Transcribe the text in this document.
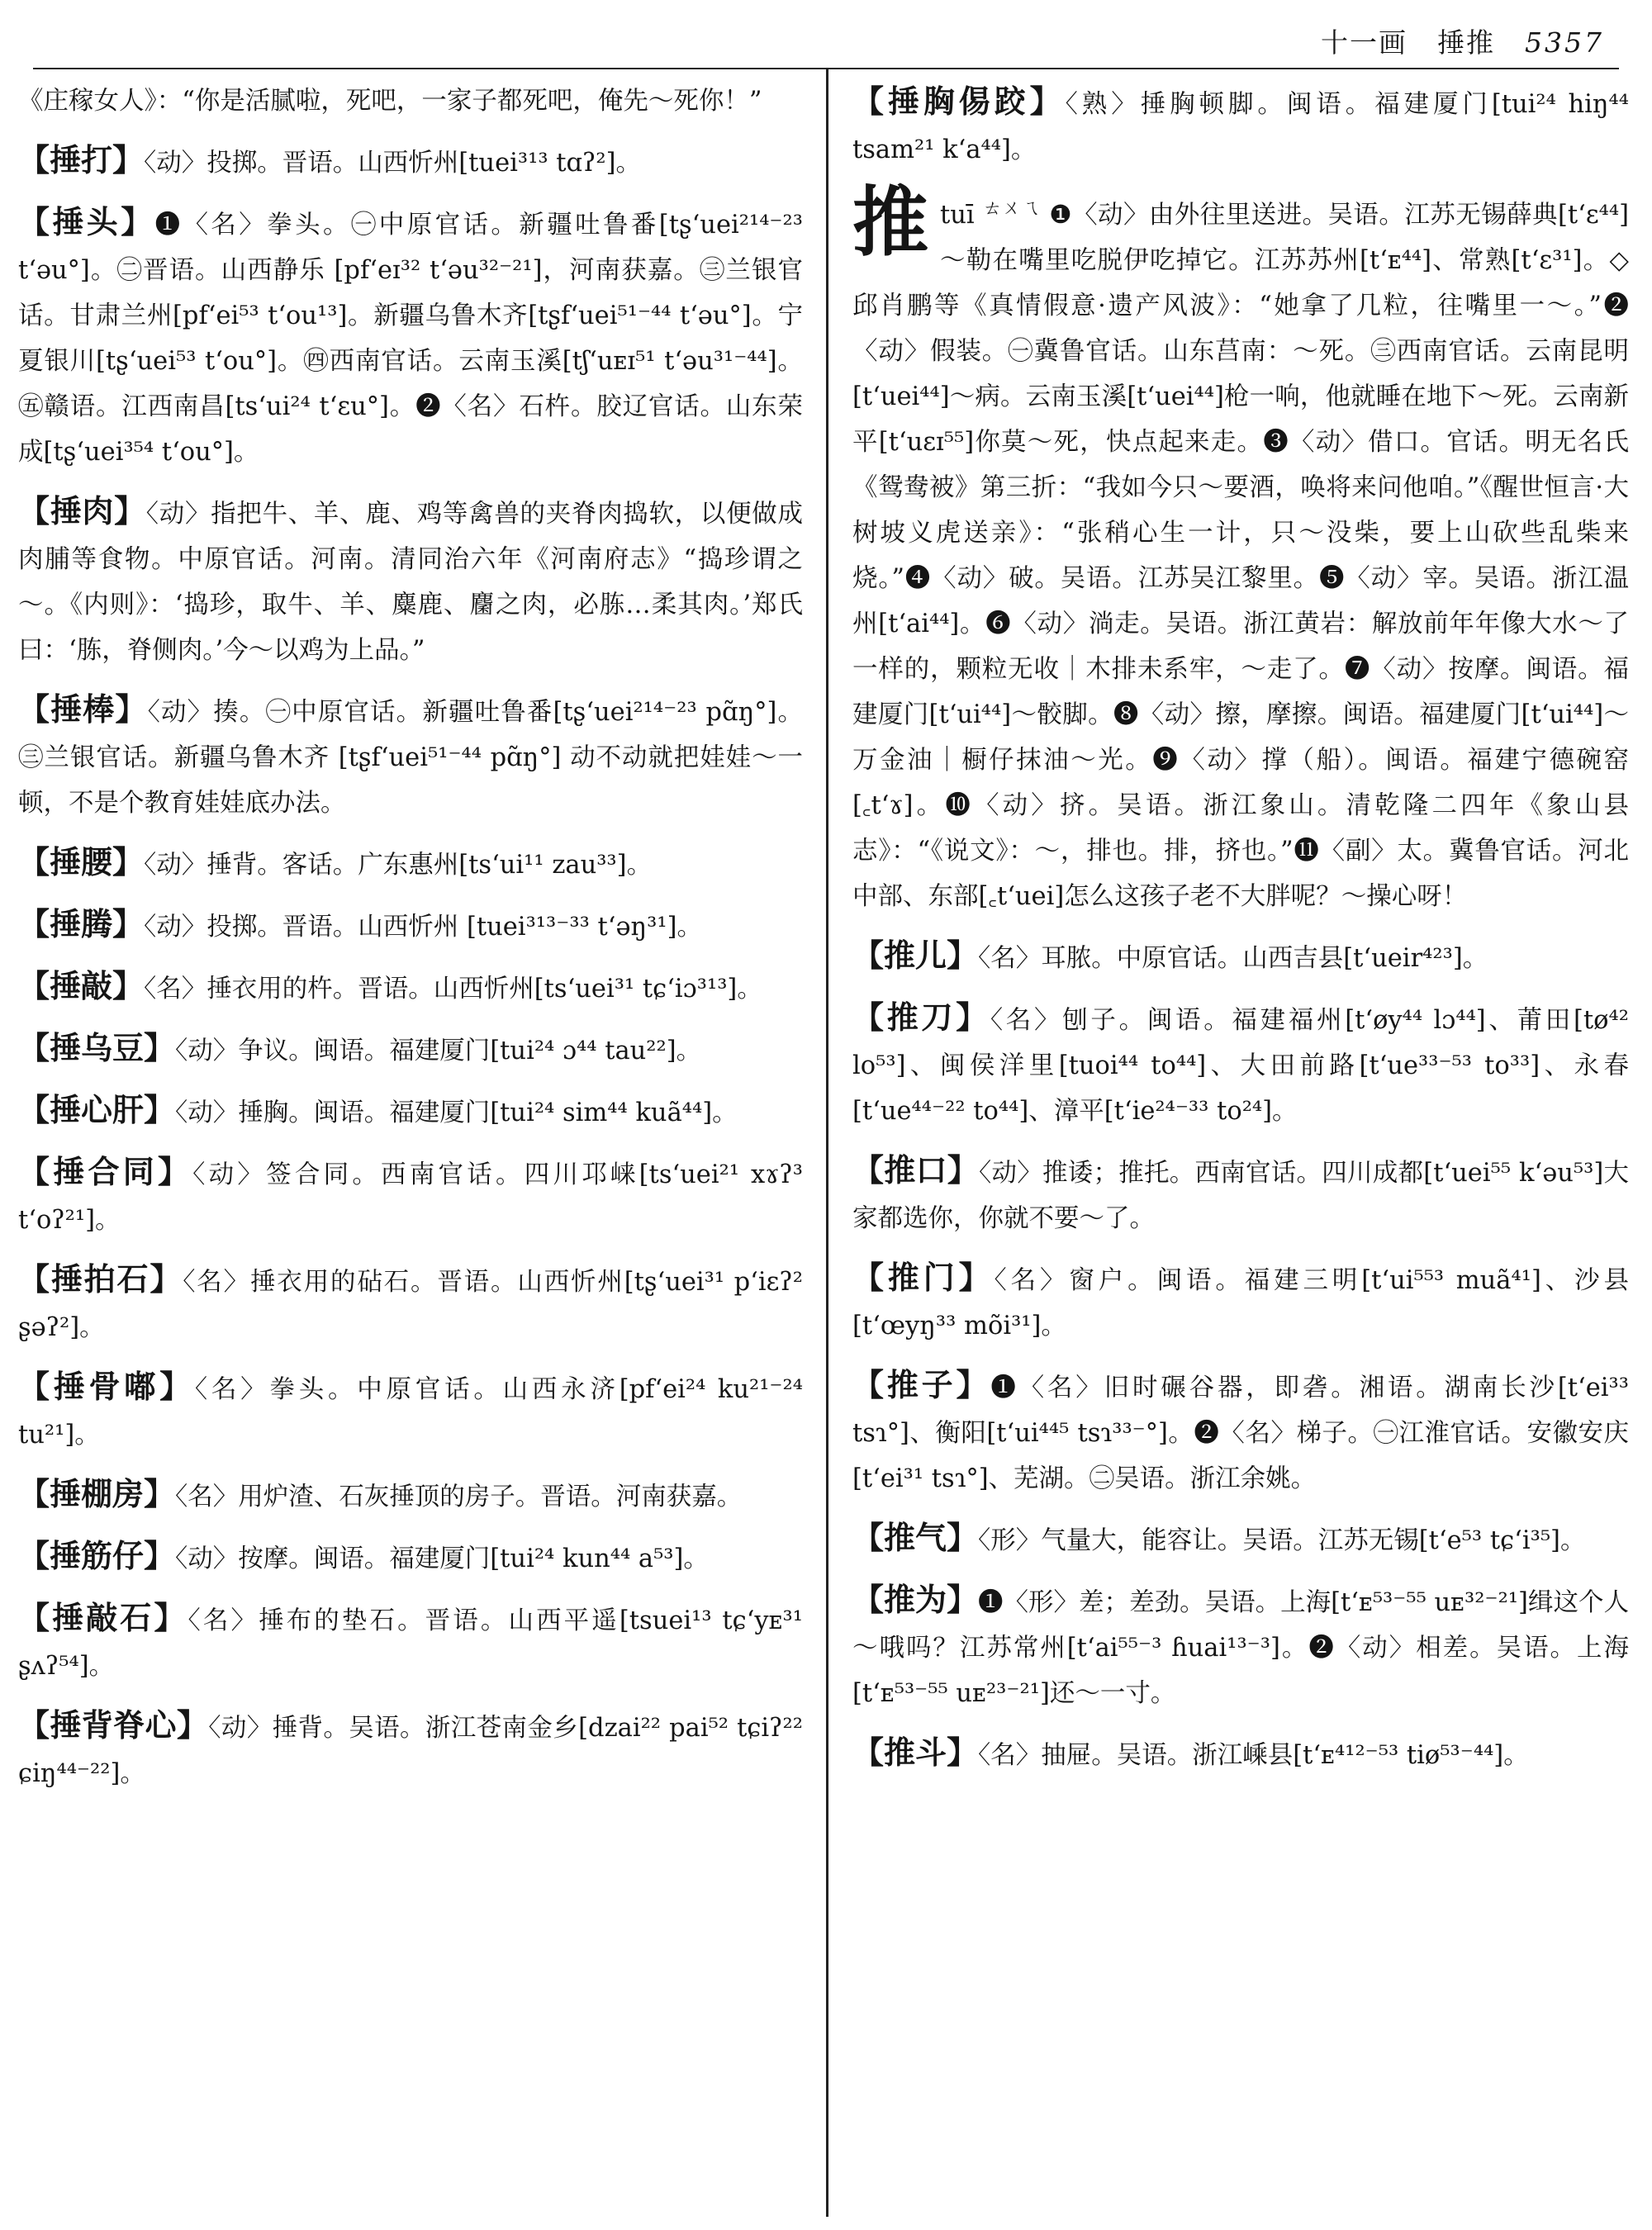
十一画 捶推 5357
《庄稼女人》：“你是活腻啦，死吧，一家子都死吧，俺先～死你！”
【捶打】〈动〉投掷。晋语。山西忻州[tuei³¹³ tɑʔ²]。
【捶头】❶〈名〉拳头。㊀中原官话。新疆吐鲁番[tʂ‘uei²¹⁴⁻²³ t‘əu°]。㊁晋语。山西静乐 [pf‘eɪ³² t‘əu³²⁻²¹]，河南获嘉。㊂兰银官话。甘肃兰州[pf‘ei⁵³ t‘ou¹³]。新疆乌鲁木齐[tʂf‘uei⁵¹⁻⁴⁴ t‘əu°]。宁夏银川[tʂ‘uei⁵³ t‘ou°]。㊃西南官话。云南玉溪[tʃ‘uᴇɪ⁵¹ t‘əu³¹⁻⁴⁴]。㊄赣语。江西南昌[ts‘ui²⁴ t‘ɛu°]。❷〈名〉石杵。胶辽官话。山东荣成[tʂ‘uei³⁵⁴ t‘ou°]。
【捶肉】〈动〉指把牛、羊、鹿、鸡等禽兽的夹脊肉捣软，以便做成肉脯等食物。中原官话。河南。清同治六年《河南府志》“捣珍谓之～。《内则》：‘捣珍，取牛、羊、麋鹿、麕之肉，必胨…柔其肉。’郑氏曰：‘胨，脊侧肉。’今～以鸡为上品。”
【捶棒】〈动〉揍。㊀中原官话。新疆吐鲁番[tʂ‘uei²¹⁴⁻²³ pɑ̃ŋ°]。㊂兰银官话。新疆乌鲁木齐 [tʂf‘uei⁵¹⁻⁴⁴ pɑ̃ŋ°] 动不动就把娃娃～一顿，不是个教育娃娃底办法。
【捶腰】〈动〉捶背。客话。广东惠州[ts‘ui¹¹ zau³³]。
【捶腾】〈动〉投掷。晋语。山西忻州 [tuei³¹³⁻³³ t‘əŋ³¹]。
【捶敲】〈名〉捶衣用的杵。晋语。山西忻州[ts‘uei³¹ tɕ‘iɔ³¹³]。
【捶乌豆】〈动〉争议。闽语。福建厦门[tui²⁴ ɔ⁴⁴ tau²²]。
【捶心肝】〈动〉捶胸。闽语。福建厦门[tui²⁴ sim⁴⁴ kuã⁴⁴]。
【捶合同】〈动〉签合同。西南官话。四川邛崃[ts‘uei²¹ xɤʔ³ t‘oʔ²¹]。
【捶拍石】〈名〉捶衣用的砧石。晋语。山西忻州[tʂ‘uei³¹ p‘iɛʔ² ʂəʔ²]。
【捶骨嘟】〈名〉拳头。中原官话。山西永济[pf‘ei²⁴ ku²¹⁻²⁴ tu²¹]。
【捶棚房】〈名〉用炉渣、石灰捶顶的房子。晋语。河南获嘉。
【捶筋仔】〈动〉按摩。闽语。福建厦门[tui²⁴ kun⁴⁴ a⁵³]。
【捶敲石】〈名〉捶布的垫石。晋语。山西平遥[tsuei¹³ tɕ‘yᴇ³¹ ʂʌʔ⁵⁴]。
【捶背脊心】〈动〉捶背。吴语。浙江苍南金乡[dzai²² pai⁵² tɕiʔ²² ɕiŋ⁴⁴⁻²²]。
【捶胸㑥跤】〈熟〉捶胸顿脚。闽语。福建厦门[tui²⁴ hiŋ⁴⁴ tsam²¹ k‘a⁴⁴]。
推 tuī $^{ㄊㄨㄟ}$ ❶〈动〉由外往里送进。吴语。江苏无锡薛典[t‘ɛ⁴⁴]～勒在嘴里吃脱伊吃掉它。江苏苏州[t‘ᴇ⁴⁴]、常熟[t‘ɛ³¹]。◇邱肖鹏等《真情假意·遗产风波》：“她拿了几粒，往嘴里一～。”❷〈动〉假装。㊀冀鲁官话。山东莒南：～死。㊂西南官话。云南昆明[t‘uei⁴⁴]～病。云南玉溪[t‘uei⁴⁴]枪一响，他就睡在地下～死。云南新平[t‘uɛɪ⁵⁵]你莫～死，快点起来走。❸〈动〉借口。官话。明无名氏《鸳鸯被》第三折：“我如今只～要酒，唤将来问他咱。”《醒世恒言·大树坡义虎送亲》：“张稍心生一计，只～没柴，要上山砍些乱柴来烧。”❹〈动〉破。吴语。江苏吴江黎里。❺〈动〉宰。吴语。浙江温州[t‘ai⁴⁴]。❻〈动〉淌走。吴语。浙江黄岩：解放前年年像大水～了一样的，颗粒无收｜木排未系牢，～走了。❼〈动〉按摩。闽语。福建厦门[t‘ui⁴⁴]～骹脚。❽〈动〉擦，摩擦。闽语。福建厦门[t‘ui⁴⁴]～万金油｜橱仔抹油～光。❾〈动〉撑（船）。闽语。福建宁德碗窑[꜀t‘ɤ]。❿〈动〉挤。吴语。浙江象山。清乾隆二四年《象山县志》：“《说文》：～，排也。排，挤也。”⓫〈副〉太。冀鲁官话。河北中部、东部[꜀t‘uei]怎么这孩子老不大胖呢？～操心呀！
【推儿】〈名〉耳脓。中原官话。山西吉县[t‘ueir⁴²³]。
【推刀】〈名〉刨子。闽语。福建福州[t‘øy⁴⁴ lɔ⁴⁴]、莆田[tø⁴² lo⁵³]、闽侯洋里[tuoi⁴⁴ to⁴⁴]、大田前路[t‘ue³³⁻⁵³ to³³]、永春[t‘ue⁴⁴⁻²² to⁴⁴]、漳平[t‘ie²⁴⁻³³ to²⁴]。
【推口】〈动〉推诿；推托。西南官话。四川成都[t‘uei⁵⁵ k‘əu⁵³]大家都选你，你就不要～了。
【推门】〈名〉窗户。闽语。福建三明[t‘ui⁵⁵³ muã⁴¹]、沙县[t‘œyŋ³³ mõi³¹]。
【推子】❶〈名〉旧时碾谷器，即砻。湘语。湖南长沙[t‘ei³³ tsɿ°]、衡阳[t‘ui⁴⁴⁵ tsɿ³³⁻°]。❷〈名〉梯子。㊀江淮官话。安徽安庆[t‘ei³¹ tsɿ°]、芜湖。㊁吴语。浙江余姚。
【推气】〈形〉气量大，能容让。吴语。江苏无锡[t‘e⁵³ tɕ‘i³⁵]。
【推为】❶〈形〉差；差劲。吴语。上海[t‘ᴇ⁵³⁻⁵⁵ uᴇ³²⁻²¹]缉这个人～哦吗？江苏常州[t‘ai⁵⁵⁻³ ɦuai¹³⁻³]。❷〈动〉相差。吴语。上海[t‘ᴇ⁵³⁻⁵⁵ uᴇ²³⁻²¹]还～一寸。
【推斗】〈名〉抽屉。吴语。浙江嵊县[t‘ᴇ⁴¹²⁻⁵³ tiø⁵³⁻⁴⁴]。
